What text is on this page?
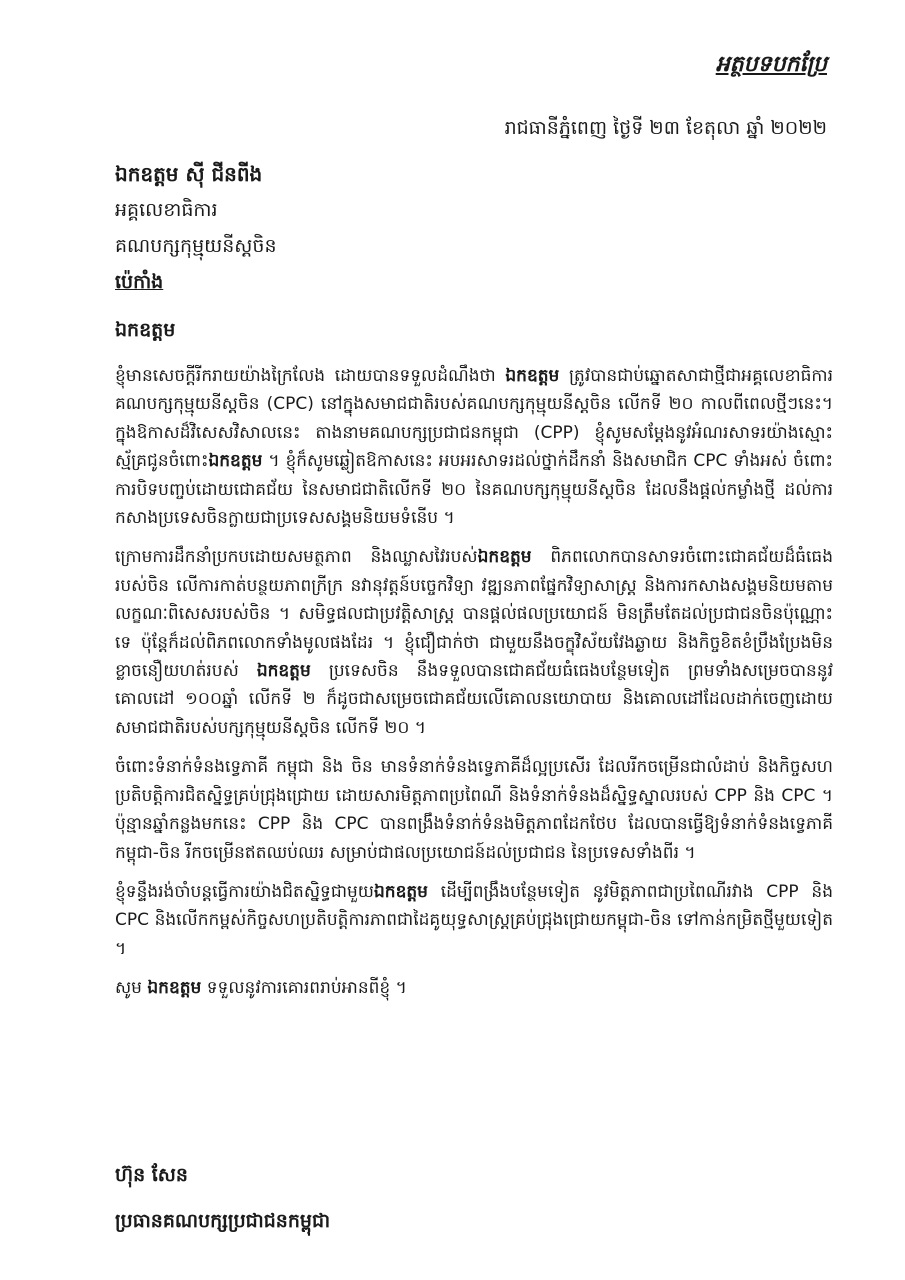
អត្ថបទបកប្រែ
រាជធានីភ្នំពេញ ថ្ងៃទី ២៣ ខែតុលា ឆ្នាំ ២០២២
ឯកឧត្តម ស៊ី ជីនពីង
អគ្គលេខាធិការ
គណបក្សកុម្មុយនីស្តចិន
ប៉េកាំង
ឯកឧត្តម

ខ្ញុំមានសេចក្តីរីករាយយ៉ាងក្រៃលែង ដោយបានទទួលដំណឹងថា ឯកឧត្តម ត្រូវបានជាប់ឆ្នោតសាជាថ្មីជាអគ្គលេខាធិការគណបក្សកុម្មុយនីស្តចិន (CPC) នៅក្នុងសមាជជាតិរបស់គណបក្សកុម្មុយនីស្តចិន លើកទី ២០ កាលពីពេលថ្មីៗនេះ។ ក្នុងឱកាសដ៏វិសេសវិសាលនេះ តាងនាមគណបក្សប្រជាជនកម្ពុជា (CPP) ខ្ញុំសូមសម្តែងនូវអំណរសាទរយ៉ាងស្មោះស្ម័គ្រជូនចំពោះឯកឧត្តម ។ ខ្ញុំក៏សូមឆ្លៀតឱកាសនេះ អបអរសាទរដល់ថ្នាក់ដឹកនាំ និងសមាជិក CPC ទាំងអស់ ចំពោះការបិទបញ្ចប់ដោយជោគជ័យ នៃសមាជជាតិលើកទី ២០ នៃគណបក្សកុម្មុយនីស្តចិន ដែលនឹងផ្តល់កម្លាំងថ្មី ដល់ការកសាងប្រទេសចិនក្លាយជាប្រទេសសង្គមនិយមទំនើប ។

ក្រោមការដឹកនាំប្រកបដោយសមត្ថភាព និងឈ្លាសវៃរបស់ឯកឧត្តម ពិភពលោកបានសាទរចំពោះជោគជ័យដ៏ធំធេងរបស់ចិន លើការកាត់បន្ថយភាពក្រីក្រ នវានុវត្តន៍បច្ចេកវិទ្យា វឌ្ឍនភាពផ្នែកវិទ្យាសាស្ត្រ និងការកសាងសង្គមនិយមតាមលក្ខណៈពិសេសរបស់ចិន ។ សមិទ្ធផលជាប្រវត្តិសាស្ត្រ បានផ្តល់ផលប្រយោជន៍ មិនត្រឹមតែដល់ប្រជាជនចិនប៉ុណ្ណោះទេ ប៉ុន្តែក៏ដល់ពិភពលោកទាំងមូលផងដែរ ។ ខ្ញុំជឿជាក់ថា ជាមួយនឹងចក្ខុវិស័យវែងឆ្ងាយ និងកិច្ចខិតខំប្រឹងប្រែងមិនខ្លាចនឿយហត់របស់ ឯកឧត្តម ប្រទេសចិន នឹងទទួលបានជោគជ័យធំធេងបន្ថែមទៀត ព្រមទាំងសម្រេចបាននូវគោលដៅ ១០០ឆ្នាំ លើកទី ២ ក៏ដូចជាសម្រេចជោគជ័យលើគោលនយោបាយ និងគោលដៅដែលដាក់ចេញដោយសមាជជាតិរបស់បក្សកុម្មុយនីស្តចិន លើកទី ២០ ។

ចំពោះទំនាក់ទំនងទ្វេភាគី កម្ពុជា និង ចិន មានទំនាក់ទំនងទ្វេភាគីដ៏ល្អប្រសើរ ដែលរីកចម្រើនជាលំដាប់ និងកិច្ចសហប្រតិបត្តិការជិតស្និទ្ធគ្រប់ជ្រុងជ្រោយ ដោយសារមិត្តភាពប្រពៃណី និងទំនាក់ទំនងដ៏ស្និទ្ធស្នាលរបស់ CPP និង CPC ។ ប៉ុន្មានឆ្នាំកន្លងមកនេះ CPP និង CPC បានពង្រឹងទំនាក់ទំនងមិត្តភាពដែកថែប ដែលបានធ្វើឱ្យទំនាក់ទំនងទ្វេភាគីកម្ពុជា-ចិន រីកចម្រើនឥតឈប់ឈរ សម្រាប់ជាផលប្រយោជន៍ដល់ប្រជាជន នៃប្រទេសទាំងពីរ ។

ខ្ញុំទន្ទឹងរង់ចាំបន្តធ្វើការយ៉ាងជិតស្និទ្ធជាមួយឯកឧត្តម ដើម្បីពង្រឹងបន្ថែមទៀត នូវមិត្តភាពជាប្រពៃណីរវាង CPP និង CPC និងលើកកម្ពស់កិច្ចសហប្រតិបត្តិការភាពជាដៃគូយុទ្ធសាស្ត្រគ្រប់ជ្រុងជ្រោយកម្ពុជា-ចិន ទៅកាន់កម្រិតថ្មីមួយទៀត ។

សូម ឯកឧត្តម ទទួលនូវការគោរពរាប់អានពីខ្ញុំ ។

ហ៊ុន សែន
ប្រធានគណបក្សប្រជាជនកម្ពុជា
